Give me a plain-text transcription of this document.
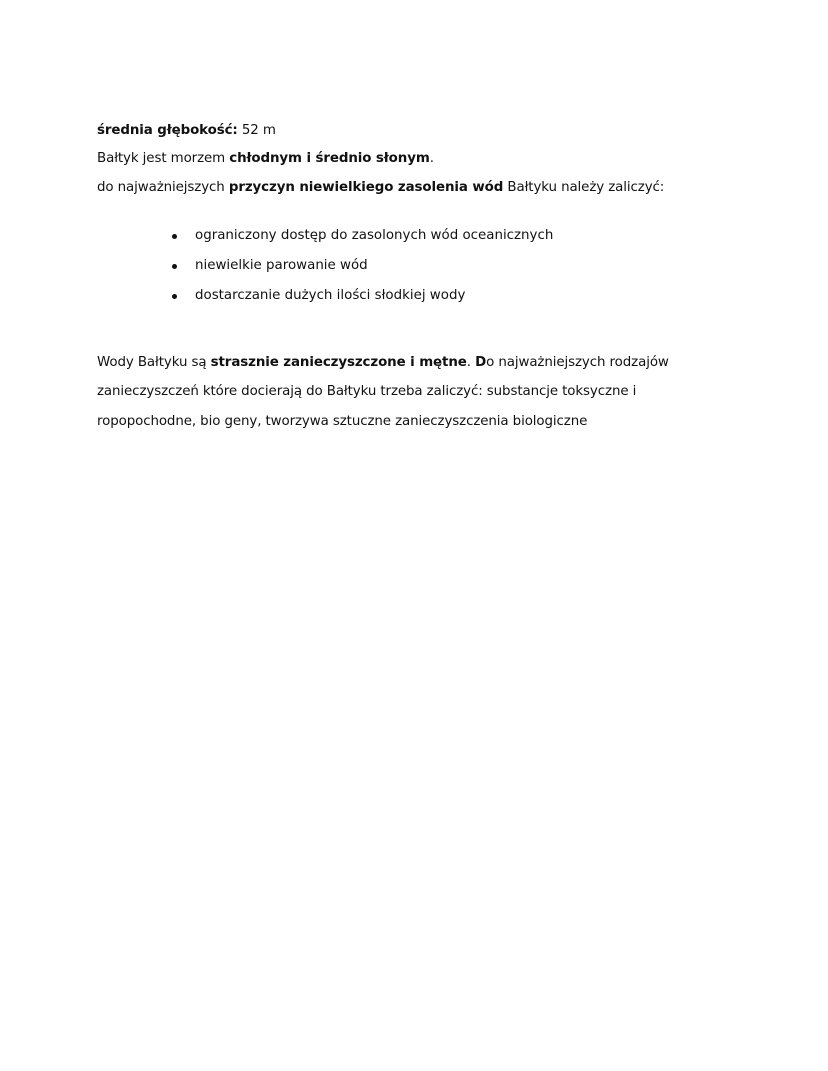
średnia głębokość: 52 m
Bałtyk jest morzem chłodnym i średnio słonym.
do najważniejszych przyczyn niewielkiego zasolenia wód Bałtyku należy zaliczyć:
ograniczony dostęp do zasolonych wód oceanicznych
niewielkie parowanie wód
dostarczanie dużych ilości słodkiej wody
Wody Bałtyku są strasznie zanieczyszczone i mętne. Do najważniejszych rodzajów
zanieczyszczeń które docierają do Bałtyku trzeba zaliczyć: substancje toksyczne i
ropopochodne, bio geny, tworzywa sztuczne zanieczyszczenia biologiczne
